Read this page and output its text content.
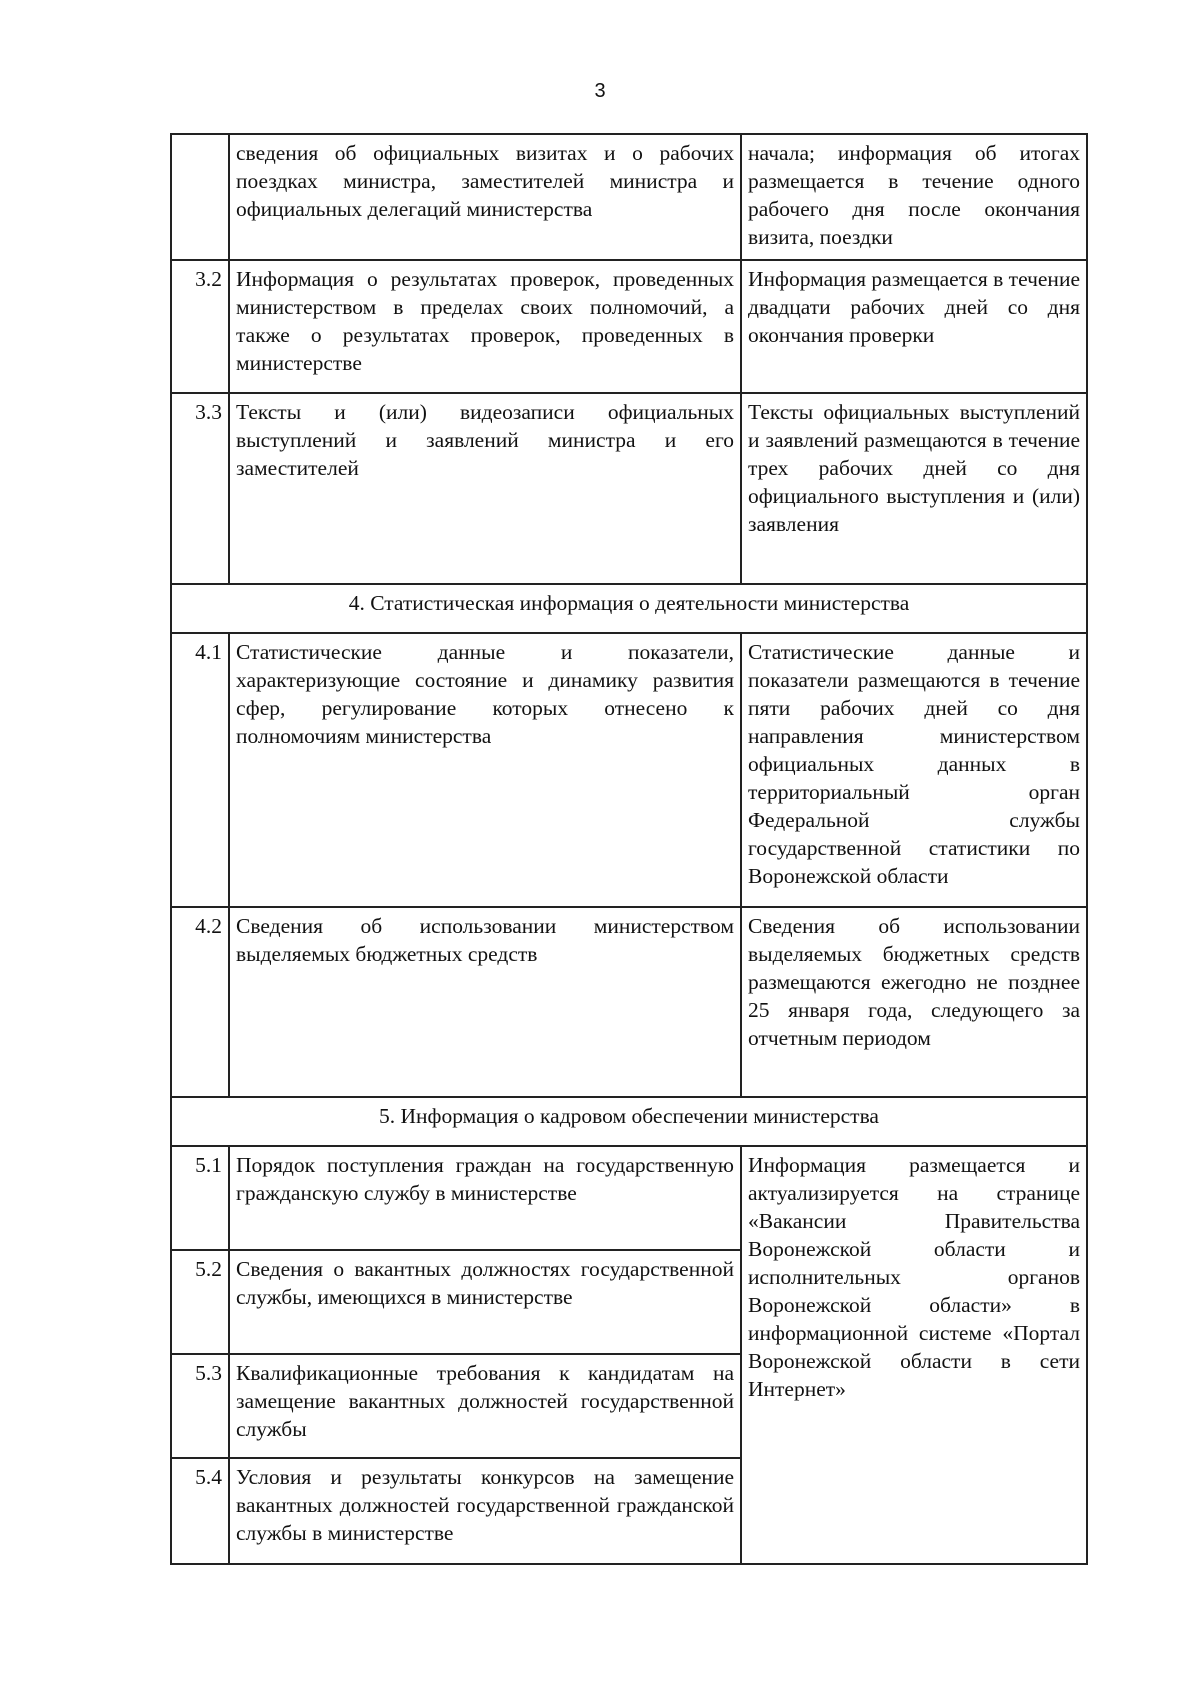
3
	сведения об официальных визитах и о рабочих поездках министра, заместителей министра и официальных делегаций министерства	начала; информация об итогах размещается в течение одного рабочего дня после окончания визита, поездки
3.2	Информация о результатах проверок, проведенных министерством в пределах своих полномочий, а также о результатах проверок, проведенных в министерстве	Информация размещается в течение двадцати рабочих дней со дня окончания проверки
3.3	Тексты и (или) видеозаписи официальных выступлений и заявлений министра и его заместителей	Тексты официальных выступлений и заявлений размещаются в течение трех рабочих дней со дня официального выступления и (или) заявления
4. Статистическая информация о деятельности министерства		
4.1	Статистические данные и показатели, характеризующие состояние и динамику развития сфер, регулирование которых отнесено к полномочиям министерства	Статистические данные и показатели размещаются в течение пяти рабочих дней со дня направления министерством официальных данных в территориальный орган Федеральной службы государственной статистики по Воронежской области
4.2	Сведения об использовании министерством выделяемых бюджетных средств	Сведения об использовании выделяемых бюджетных средств размещаются ежегодно не позднее 25 января года, следующего за отчетным периодом
5. Информация о кадровом обеспечении министерства		
5.1	Порядок поступления граждан на государственную гражданскую службу в министерстве	Информация размещается и актуализируется на странице «Вакансии Правительства Воронежской области и исполнительных органов Воронежской области» в информационной системе «Портал Воронежской области в сети Интернет»
5.2	Сведения о вакантных должностях государственной службы, имеющихся в министерстве	
5.3	Квалификационные требования к кандидатам на замещение вакантных должностей государственной службы	
5.4	Условия и результаты конкурсов на замещение вакантных должностей государственной гражданской службы в министерстве	
